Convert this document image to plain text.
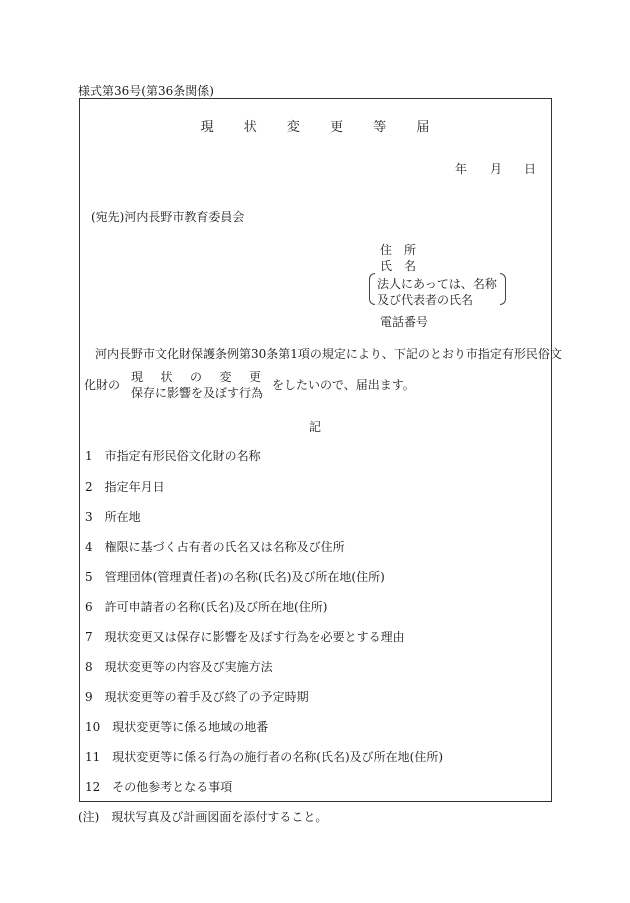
様式第36号(第36条関係)
現　　 状　　 変　　 更　　 等　　 届
年 月 日
(宛先)河内長野市教育委員会
住　 所
氏　 名
法人にあっては、名称
及び代表者の氏名
電話番号
河内長野市文化財保護条例第30条第1項の規定により、下記のとおり市指定有形民俗文
化財の
現 状 の 変 更
保存に影響を及ぼす行為
をしたいので、届出ます。
記
1　 市指定有形民俗文化財の名称
2　 指定年月日
3　 所在地
4　 権限に基づく占有者の氏名又は名称及び住所
5　 管理団体(管理責任者)の名称(氏名)及び所在地(住所)
6　 許可申請者の名称(氏名)及び所在地(住所)
7　 現状変更又は保存に影響を及ぼす行為を必要とする理由
8　 現状変更等の内容及び実施方法
9　 現状変更等の着手及び終了の予定時期
10　 現状変更等に係る地域の地番
11　 現状変更等に係る行為の施行者の名称(氏名)及び所在地(住所)
12　 その他参考となる事項
(注)　現状写真及び計画図面を添付すること。
